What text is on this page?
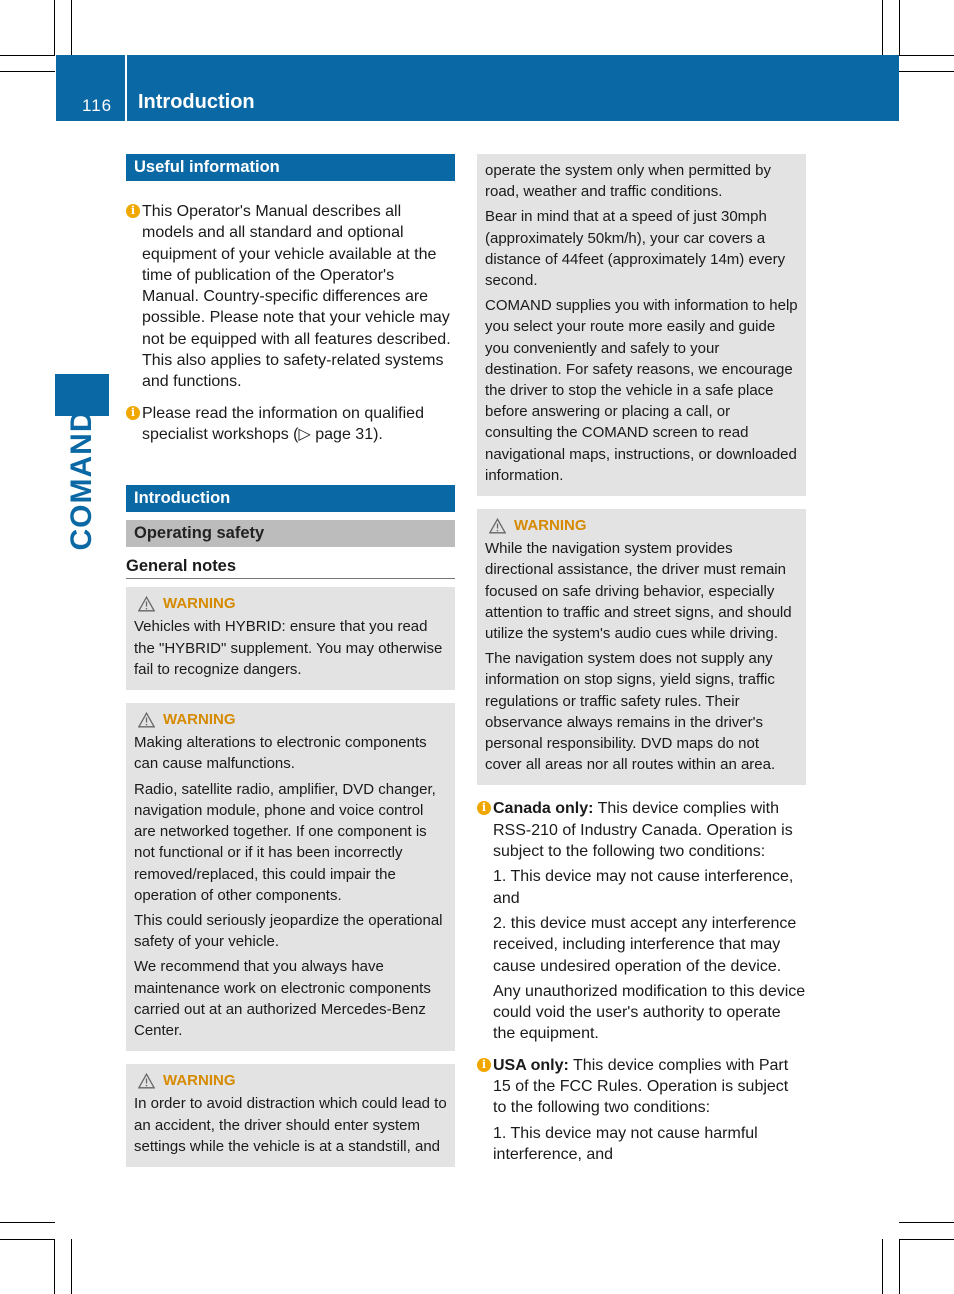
116 Introduction
COMAND
Useful information

i This Operator's Manual describes all models and all standard and optional equipment of your vehicle available at the time of publication of the Operator's Manual. Country-specific differences are possible. Please note that your vehicle may not be equipped with all features described. This also applies to safety-related systems and functions.

i Please read the information on qualified specialist workshops (▷ page 31).

Introduction
Operating safety
General notes
WARNING

Vehicles with HYBRID: ensure that you read the "HYBRID" supplement. You may otherwise fail to recognize dangers.

WARNING

Making alterations to electronic components can cause malfunctions.

Radio, satellite radio, amplifier, DVD changer, navigation module, phone and voice control are networked together. If one component is not functional or if it has been incorrectly removed/replaced, this could impair the operation of other components.

This could seriously jeopardize the operational safety of your vehicle.

We recommend that you always have maintenance work on electronic components carried out at an authorized Mercedes-Benz Center.

WARNING

In order to avoid distraction which could lead to an accident, the driver should enter system settings while the vehicle is at a standstill, and

operate the system only when permitted by road, weather and traffic conditions.

Bear in mind that at a speed of just 30mph (approximately 50km/h), your car covers a distance of 44feet (approximately 14m) every second.

COMAND supplies you with information to help you select your route more easily and guide you conveniently and safely to your destination. For safety reasons, we encourage the driver to stop the vehicle in a safe place before answering or placing a call, or consulting the COMAND screen to read navigational maps, instructions, or downloaded information.

WARNING

While the navigation system provides directional assistance, the driver must remain focused on safe driving behavior, especially attention to traffic and street signs, and should utilize the system's audio cues while driving.

The navigation system does not supply any information on stop signs, yield signs, traffic regulations or traffic safety rules. Their observance always remains in the driver's personal responsibility. DVD maps do not cover all areas nor all routes within an area.

i Canada only: This device complies with RSS-210 of Industry Canada. Operation is subject to the following two conditions:

1. This device may not cause interference, and

2. this device must accept any interference received, including interference that may cause undesired operation of the device.

Any unauthorized modification to this device could void the user's authority to operate the equipment.

i USA only: This device complies with Part 15 of the FCC Rules. Operation is subject to the following two conditions:

1. This device may not cause harmful interference, and
